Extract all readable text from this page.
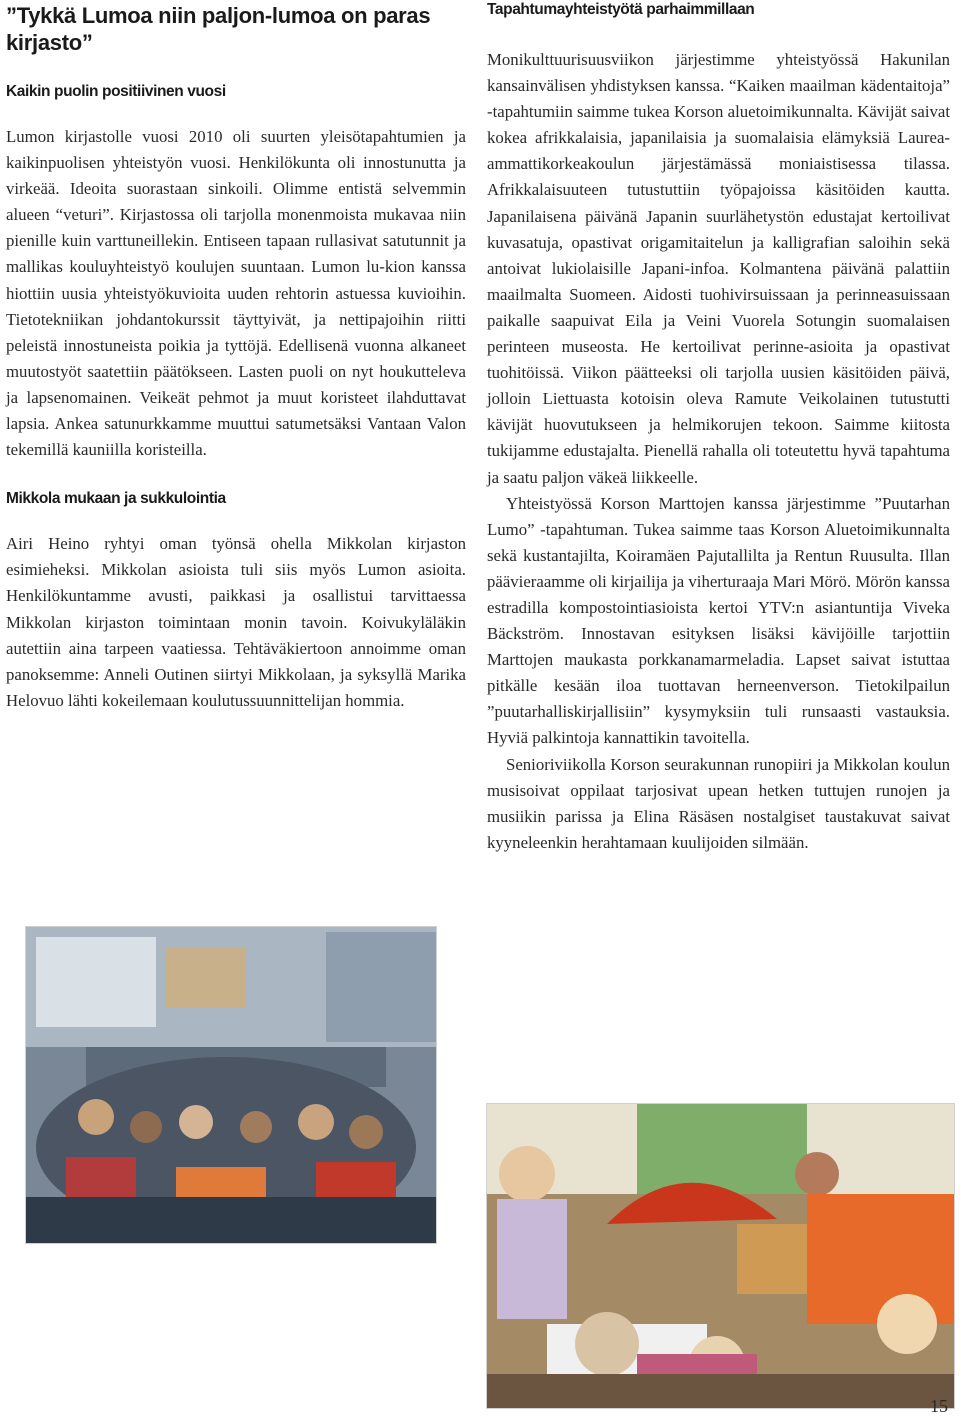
”Tykkä Lumoa niin paljon-lumoa on paras kirjasto”
Kaikin puolin positiivinen vuosi

Lumon kirjastolle vuosi 2010 oli suurten yleisötapahtumien ja kaikinpuolisen yhteistyön vuosi. Henkilökunta oli innostunutta ja virkeää. Ideoita suorastaan sinkoili. Olimme entistä selvemmin alueen “veturi”. Kirjastossa oli tarjolla monenmoista mukavaa niin pienille kuin varttuneillekin. Entiseen tapaan rullasivat satutunnit ja mallikas kouluyhteistyö koulujen suuntaan. Lumon lu-kion kanssa hiottiin uusia yhteistyökuvioita uuden rehtorin astuessa kuvioihin. Tietotekniikan johdantokurssit täyttyivät, ja nettipajoihin riitti peleistä innostuneista poikia ja tyttöjä. Edellisenä vuonna alkaneet muutostyöt saatettiin päätökseen. Lasten puoli on nyt houkutteleva ja lapsenomainen. Veikeät pehmot ja muut koristeet ilahduttavat lapsia. Ankea satunurkkamme muuttui satumetsäksi Vantaan Valon tekemillä kauniilla koristeilla.

Mikkola mukaan ja sukkulointia

Airi Heino ryhtyi oman työnsä ohella Mikkolan kirjaston esimieheksi. Mikkolan asioista tuli siis myös Lumon asioita. Henkilökuntamme avusti, paikkasi ja osallistui tarvittaessa Mikkolan kirjaston toimintaan monin tavoin. Koivukyläläkin autettiin aina tarpeen vaatiessa. Tehtäväkiertoon annoimme oman panoksemme: Anneli Outinen siirtyi Mikkolaan, ja syksyllä Marika Helovuo lähti kokeilemaan koulutussuunnittelijan hommia.

Tapahtumayhteistyötä parhaimmillaan

Monikulttuurisuusviikon järjestimme yhteistyössä Hakunilan kansainvälisen yhdistyksen kanssa. “Kaiken maailman kädentaitoja” -tapahtumiin saimme tukea Korson aluetoimikunnalta. Kävijät saivat kokea afrikkalaisia, japanilaisia ja suomalaisia elämyksiä Laurea-ammattikorkeakoulun järjestämässä moniaistisessa tilassa. Afrikkalaisuuteen tutustuttiin työpajoissa käsitöiden kautta. Japanilaisena päivänä Japanin suurlähetystön edustajat kertoilivat kuvasatuja, opastivat origamitaitelun ja kalligrafian saloihin sekä antoivat lukiolaisille Japani-infoa. Kolmantena päivänä palattiin maailmalta Suomeen. Aidosti tuohivirsuissaan ja perinneasuissaan paikalle saapuivat Eila ja Veini Vuorela Sotungin suomalaisen perinteen museosta. He kertoilivat perinne-asioita ja opastivat tuohitöissä. Viikon päätteeksi oli tarjolla uusien käsitöiden päivä, jolloin Liettuasta kotoisin oleva Ramute Veikolainen tutustutti kävijät huovutukseen ja helmikorujen tekoon. Saimme kiitosta tukijamme edustajalta. Pienellä rahalla oli toteutettu hyvä tapahtuma ja saatu paljon väkeä liikkeelle.

Yhteistyössä Korson Marttojen kanssa järjestimme ”Puutarhan Lumo” -tapahtuman. Tukea saimme taas Korson Aluetoimikunnalta sekä kustantajilta, Koiramäen Pajutallilta ja Rentun Ruusulta. Illan päävieraamme oli kirjailija ja viherturaaja Mari Mörö. Mörön kanssa estradilla kompostointiasioista kertoi YTV:n asiantuntija Viveka Bäckström. Innostavan esityksen lisäksi kävijöille tarjottiin Marttojen maukasta porkkanamarmeladia. Lapset saivat istuttaa pitkälle kesään iloa tuottavan herneenverson. Tietokilpailun ”puutarhalliskirjallisiin” kysymyksiin tuli runsaasti vastauksia. Hyviä palkintoja kannattikin tavoitella.

Senioriviikolla Korson seurakunnan runopiiri ja Mikkolan koulun musisoivat oppilaat tarjosivat upean hetken tuttujen runojen ja musiikin parissa ja Elina Räsäsen nostalgiset taustakuvat saivat kyyneleenkin herahtamaan kuulijoiden silmään.

15
